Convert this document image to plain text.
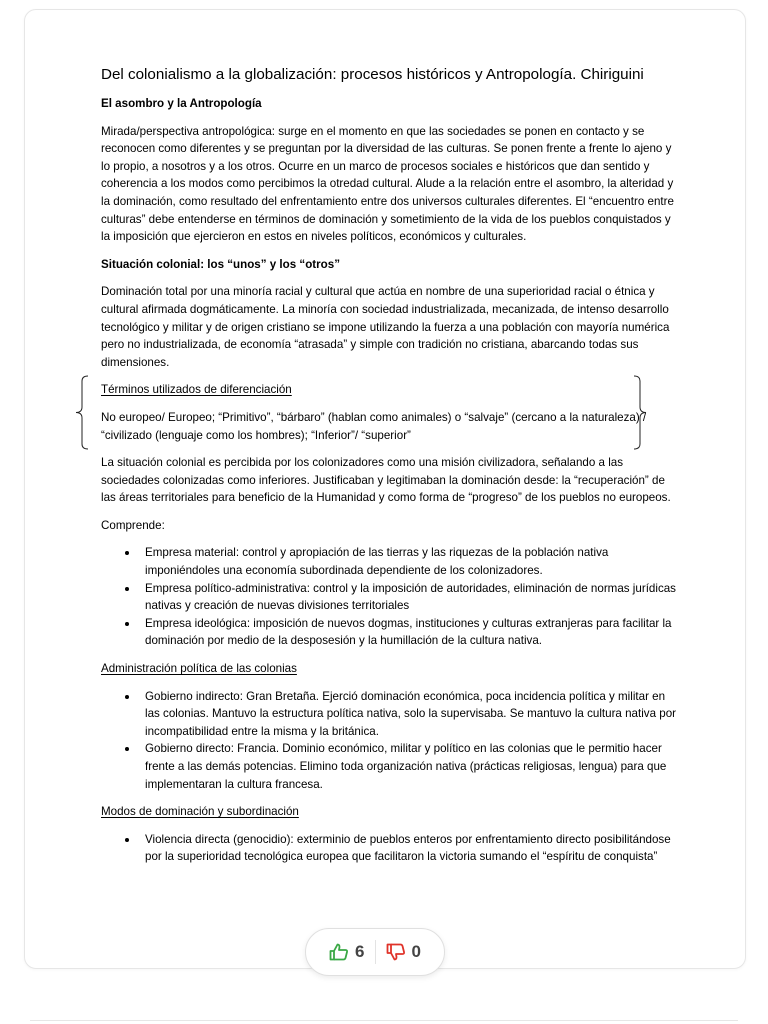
Del colonialismo a la globalización: procesos históricos y Antropología. Chiriguini

El asombro y la Antropología

Mirada/perspectiva antropológica: surge en el momento en que las sociedades se ponen en contacto y se reconocen como diferentes y se preguntan por la diversidad de las culturas. Se ponen frente a frente lo ajeno y lo propio, a nosotros y a los otros. Ocurre en un marco de procesos sociales e históricos que dan sentido y coherencia a los modos como percibimos la otredad cultural. Alude a la relación entre el asombro, la alteridad y la dominación, como resultado del enfrentamiento entre dos universos culturales diferentes. El “encuentro entre culturas” debe entenderse en términos de dominación y sometimiento de la vida de los pueblos conquistados y la imposición que ejercieron en estos en niveles políticos, económicos y culturales.

Situación colonial: los “unos” y los “otros”

Dominación total por una minoría racial y cultural que actúa en nombre de una superioridad racial o étnica y cultural afirmada dogmáticamente. La minoría con sociedad industrializada, mecanizada, de intenso desarrollo tecnológico y militar y de origen cristiano se impone utilizando la fuerza a una población con mayoría numérica pero no industrializada, de economía “atrasada” y simple con tradición no cristiana, abarcando todas sus dimensiones.

Términos utilizados de diferenciación

No europeo/ Europeo; “Primitivo”, “bárbaro” (hablan como animales) o “salvaje” (cercano a la naturaleza) / “civilizado (lenguaje como los hombres); “Inferior”/ “superior”

La situación colonial es percibida por los colonizadores como una misión civilizadora, señalando a las sociedades colonizadas como inferiores. Justificaban y legitimaban la dominación desde: la “recuperación” de las áreas territoriales para beneficio de la Humanidad y como forma de “progreso” de los pueblos no europeos.

Comprende:

Empresa material: control y apropiación de las tierras y las riquezas de la población nativa imponiéndoles una economía subordinada dependiente de los colonizadores.
Empresa político-administrativa: control y la imposición de autoridades, eliminación de normas jurídicas nativas y creación de nuevas divisiones territoriales
Empresa ideológica: imposición de nuevos dogmas, instituciones y culturas extranjeras para facilitar la dominación por medio de la desposesión y la humillación de la cultura nativa.

Administración política de las colonias

Gobierno indirecto: Gran Bretaña. Ejerció dominación económica, poca incidencia política y militar en las colonias. Mantuvo la estructura política nativa, solo la supervisaba. Se mantuvo la cultura nativa por incompatibilidad entre la misma y la británica.
Gobierno directo: Francia. Dominio económico, militar y político en las colonias que le permitio hacer frente a las demás potencias. Elimino toda organización nativa (prácticas religiosas, lengua) para que implementaran la cultura francesa.

Modos de dominación y subordinación

Violencia directa (genocidio): exterminio de pueblos enteros por enfrentamiento directo posibilitándose por la superioridad tecnológica europea que facilitaron la victoria sumando el “espíritu de conquista”
6	0
